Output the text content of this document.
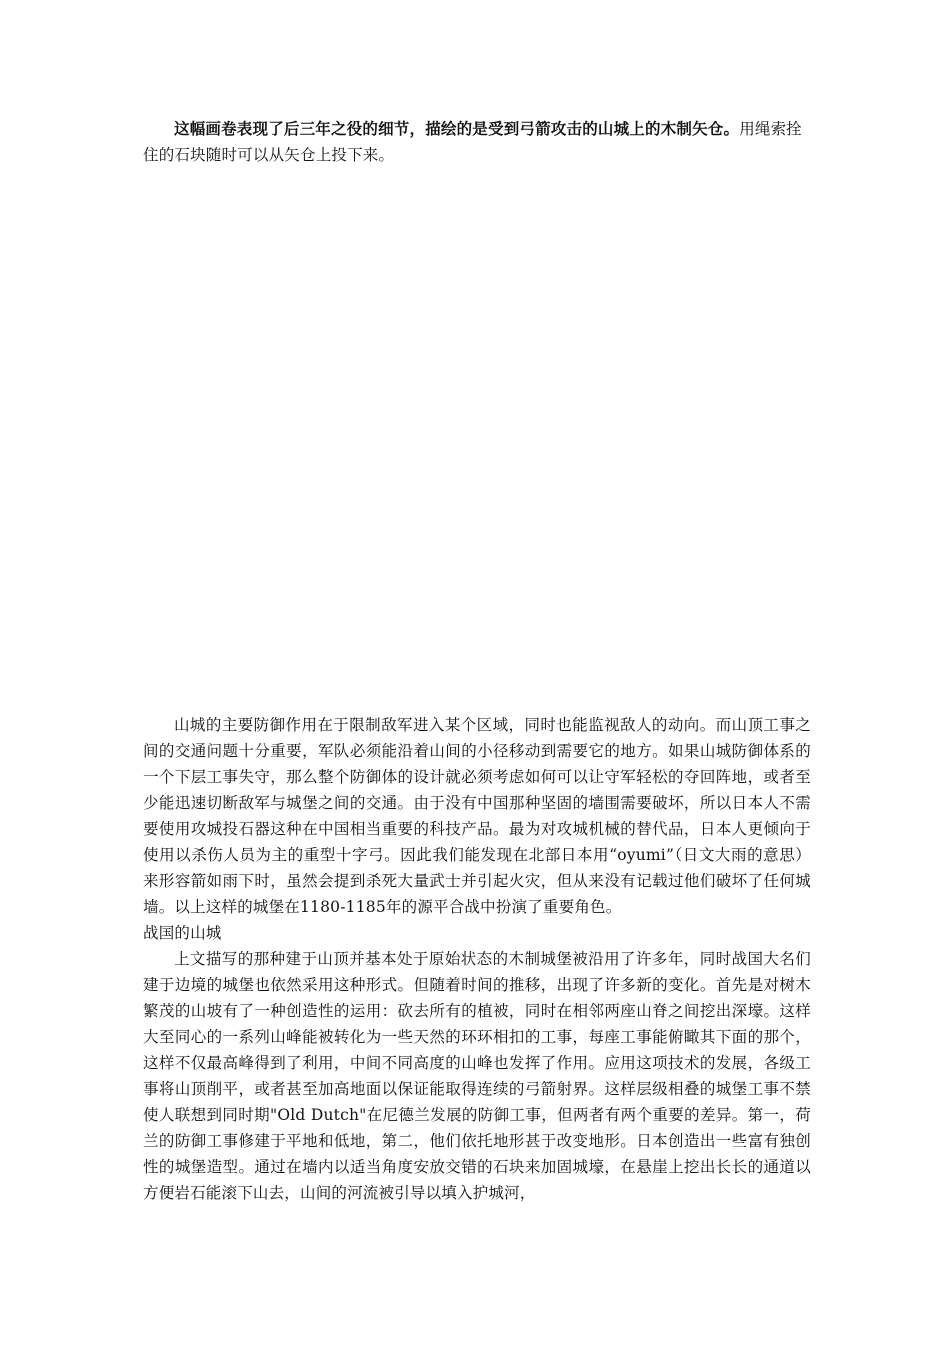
这幅画卷表现了后三年之役的细节，描绘的是受到弓箭攻击的山城上的木制矢仓。用绳索拴住的石块随时可以从矢仓上投下来。

山城的主要防御作用在于限制敌军进入某个区域，同时也能监视敌人的动向。而山顶工事之间的交通问题十分重要，军队必须能沿着山间的小径移动到需要它的地方。如果山城防御体系的一个下层工事失守，那么整个防御体的设计就必须考虑如何可以让守军轻松的夺回阵地，或者至少能迅速切断敌军与城堡之间的交通。由于没有中国那种坚固的墙围需要破坏，所以日本人不需要使用攻城投石器这种在中国相当重要的科技产品。最为对攻城机械的替代品，日本人更倾向于使用以杀伤人员为主的重型十字弓。因此我们能发现在北部日本用“oyumi”（日文大雨的意思）来形容箭如雨下时，虽然会提到杀死大量武士并引起火灾，但从来没有记载过他们破坏了任何城墙。以上这样的城堡在1180-1185年的源平合战中扮演了重要角色。

战国的山城

上文描写的那种建于山顶并基本处于原始状态的木制城堡被沿用了许多年，同时战国大名们建于边境的城堡也依然采用这种形式。但随着时间的推移，出现了许多新的变化。首先是对树木繁茂的山坡有了一种创造性的运用：砍去所有的植被，同时在相邻两座山脊之间挖出深壕。这样大至同心的一系列山峰能被转化为一些天然的环环相扣的工事，每座工事能俯瞰其下面的那个，这样不仅最高峰得到了利用，中间不同高度的山峰也发挥了作用。应用这项技术的发展，各级工事将山顶削平，或者甚至加高地面以保证能取得连续的弓箭射界。这样层级相叠的城堡工事不禁使人联想到同时期"Old Dutch"在尼德兰发展的防御工事，但两者有两个重要的差异。第一，荷兰的防御工事修建于平地和低地，第二，他们依托地形甚于改变地形。日本创造出一些富有独创性的城堡造型。通过在墙内以适当角度安放交错的石块来加固城壕，在悬崖上挖出长长的通道以方便岩石能滚下山去，山间的河流被引导以填入护城河，
